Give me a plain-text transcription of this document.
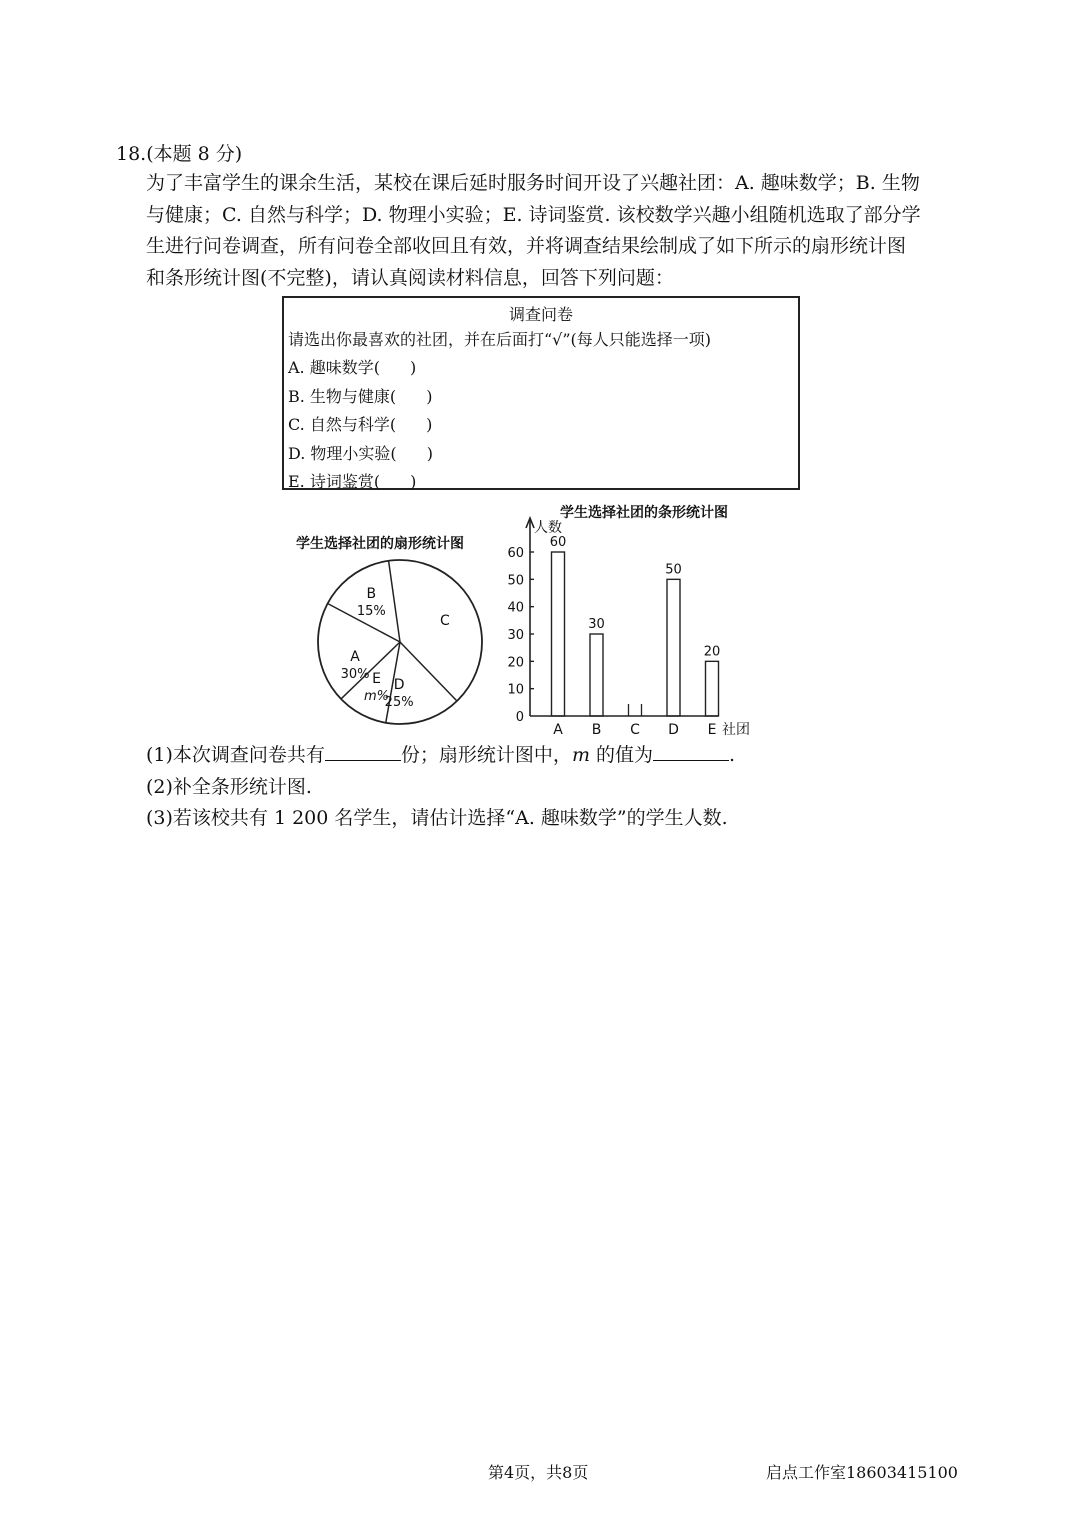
18.(本题 8 分)

为了丰富学生的课余生活，某校在课后延时服务时间开设了兴趣社团：A. 趣味数学；B. 生物

与健康；C. 自然与科学；D. 物理小实验；E. 诗词鉴赏. 该校数学兴趣小组随机选取了部分学

生进行问卷调查，所有问卷全部收回且有效，并将调查结果绘制成了如下所示的扇形统计图

和条形统计图(不完整)，请认真阅读材料信息，回答下列问题：

调查问卷
请选出你最喜欢的社团，并在后面打“√”(每人只能选择一项)
A. 趣味数学( )
B. 生物与健康( )
C. 自然与科学( )
D. 物理小实验( )
E. 诗词鉴赏( )
学生选择社团的扇形统计图
A
30%
B
15%
C
D
25%
E
m%
学生选择社团的条形统计图
人数
0
10
20
30
40
50
60
60
A
30
B C
50
D
20
E 社团

(1)本次调查问卷共有	份；扇形统计图中，m 的值为	.

(2)补全条形统计图.

(3)若该校共有 1 200 名学生，请估计选择“A. 趣味数学”的学生人数.

第4页，共8页	启点工作室18603415100
